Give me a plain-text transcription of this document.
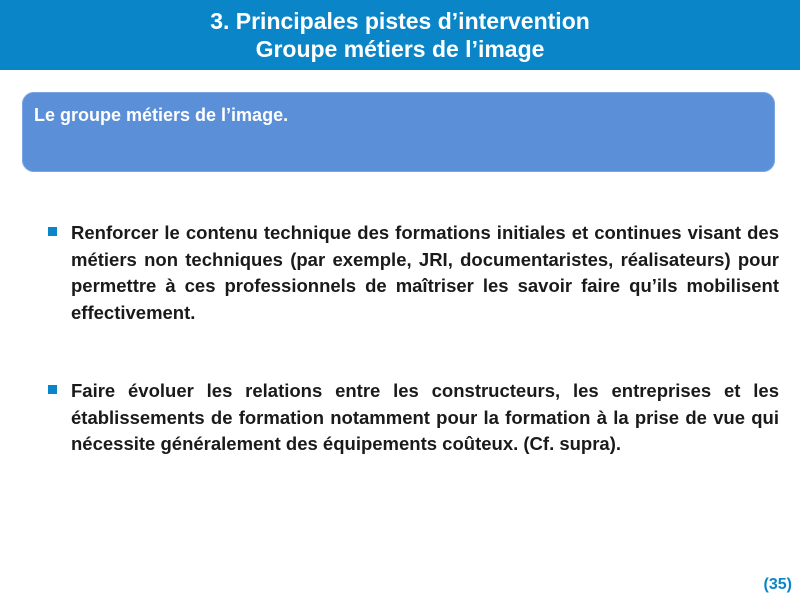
3. Principales pistes d’intervention
Groupe métiers de l’image
Le groupe métiers de l’image.
Renforcer le contenu technique des formations initiales et continues visant des métiers non techniques (par exemple, JRI, documentaristes, réalisateurs) pour permettre à ces professionnels de maîtriser les savoir faire qu’ils mobilisent effectivement.
Faire évoluer les relations entre les constructeurs, les entreprises et les établissements de formation notamment pour la formation à la prise de vue qui nécessite généralement des équipements coûteux. (Cf. supra).
(35)
